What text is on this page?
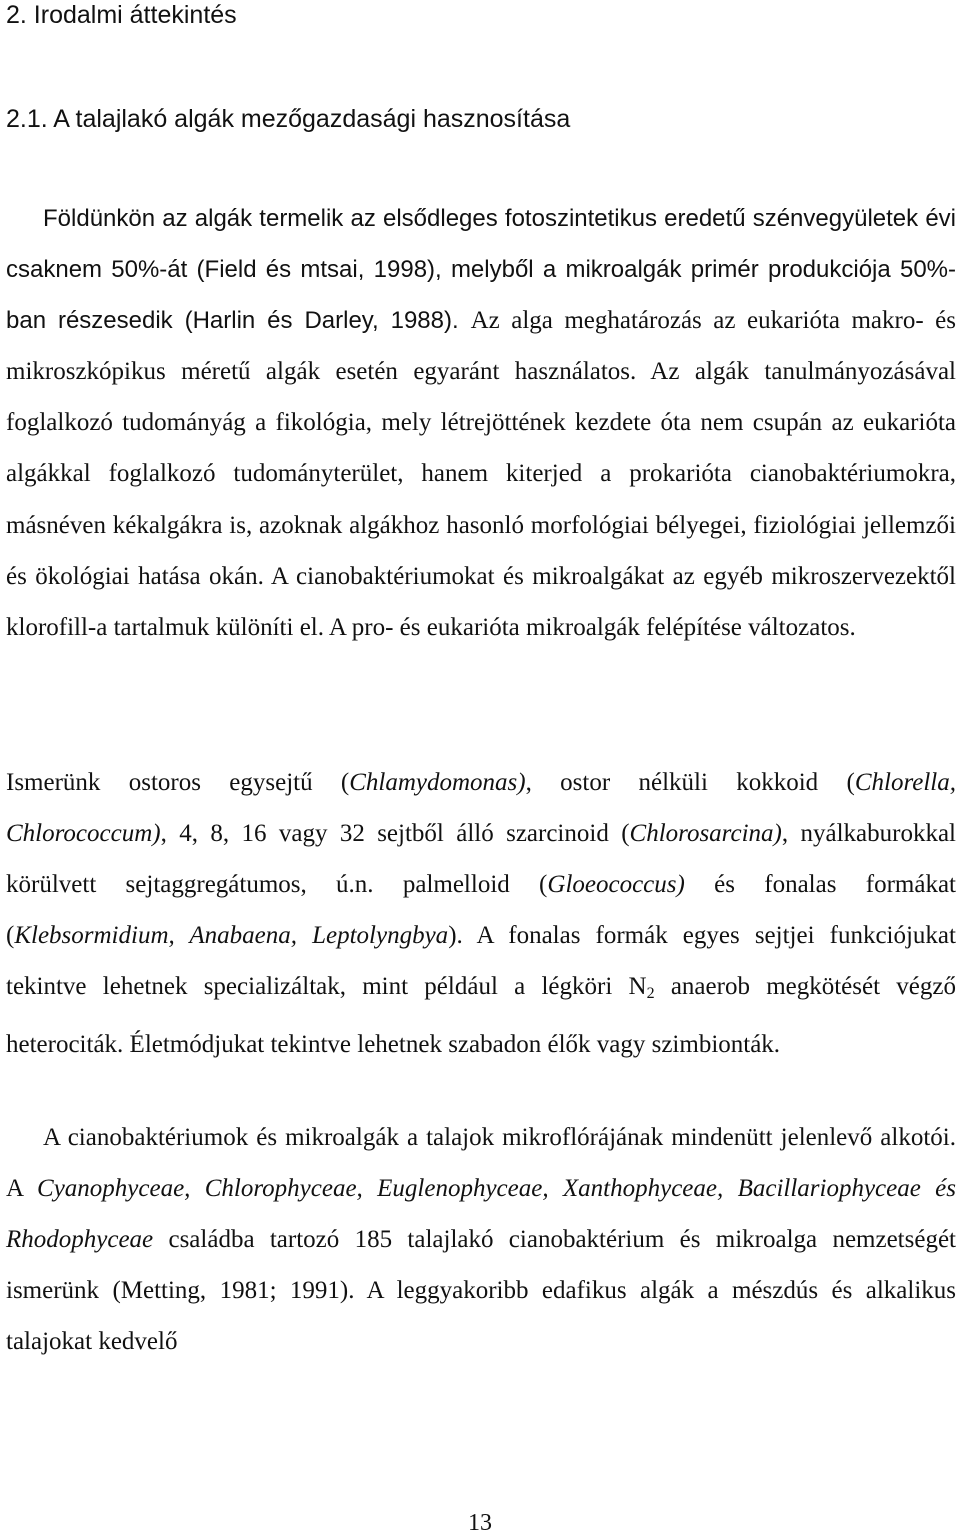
2. Irodalmi áttekintés
2.1. A talajlakó algák mezőgazdasági hasznosítása

Földünkön az algák termelik az elsődleges fotoszintetikus eredetű szénvegyületek évi csaknem 50%-át (Field és mtsai, 1998), melyből a mikroalgák primér produkciója 50%-ban részesedik (Harlin és Darley, 1988). Az alga meghatározás az eukarióta makro- és mikroszkópikus méretű algák esetén egyaránt használatos. Az algák tanulmányozásával foglalkozó tudományág a fikológia, mely létrejöttének kezdete óta nem csupán az eukarióta algákkal foglalkozó tudományterület, hanem kiterjed a prokarióta cianobaktériumokra, másnéven kékalgákra is, azoknak algákhoz hasonló morfológiai bélyegei, fiziológiai jellemzői és ökológiai hatása okán. A cianobaktériumokat és mikroalgákat az egyéb mikroszervezektől klorofill-a tartalmuk különíti el. A pro- és eukarióta mikroalgák felépítése változatos.

Ismerünk ostoros egysejtű (Chlamydomonas), ostor nélküli kokkoid (Chlorella, Chlorococcum), 4, 8, 16 vagy 32 sejtből álló szarcinoid (Chlorosarcina), nyálkaburokkal körülvett sejtaggregátumos, ú.n. palmelloid (Gloeococcus) és fonalas formákat (Klebsormidium, Anabaena, Leptolyngbya). A fonalas formák egyes sejtjei funkciójukat tekintve lehetnek specializáltak, mint például a légköri $N_2$ anaerob megkötését végző heterociták. Életmódjukat tekintve lehetnek szabadon élők vagy szimbionták.

A cianobaktériumok és mikroalgák a talajok mikroflórájának mindenütt jelenlevő alkotói. A Cyanophyceae, Chlorophyceae, Euglenophyceae, Xanthophyceae, Bacillariophyceae és Rhodophyceae családba tartozó 185 talajlakó cianobaktérium és mikroalga nemzetségét ismerünk (Metting, 1981; 1991). A leggyakoribb edafikus algák a mészdús és alkalikus talajokat kedvelő

13
